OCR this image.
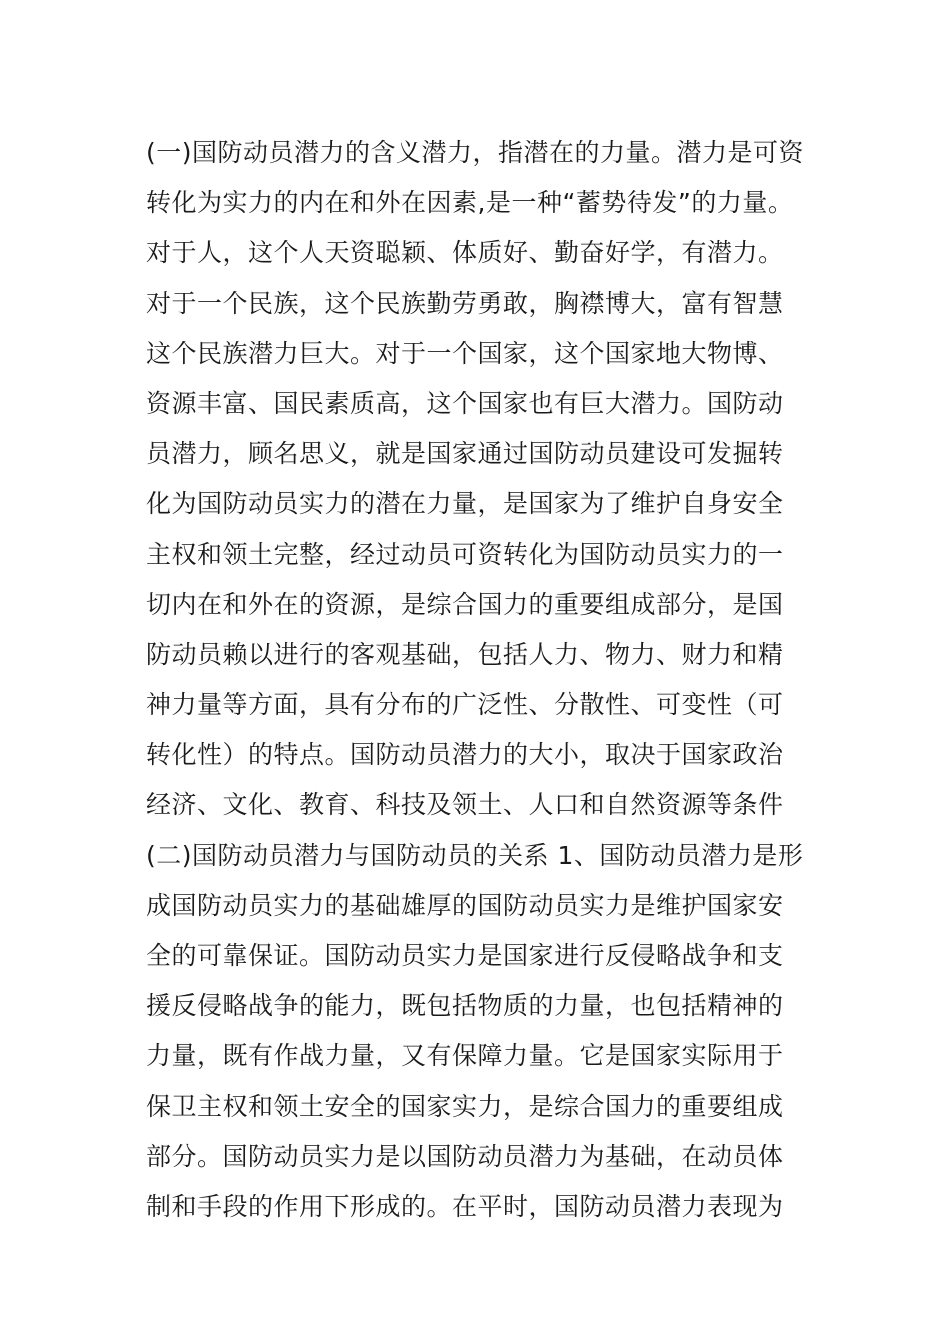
(一)国防动员潜力的含义潜力，指潜在的力量。潜力是可资
转化为实力的内在和外在因素,是一种“蓄势待发”的力量。
对于人，这个人天资聪颖、体质好、勤奋好学，有潜力。
对于一个民族，这个民族勤劳勇敢，胸襟博大，富有智慧
这个民族潜力巨大。对于一个国家，这个国家地大物博、
资源丰富、国民素质高，这个国家也有巨大潜力。国防动
员潜力，顾名思义，就是国家通过国防动员建设可发掘转
化为国防动员实力的潜在力量，是国家为了维护自身安全
主权和领土完整，经过动员可资转化为国防动员实力的一
切内在和外在的资源，是综合国力的重要组成部分，是国
防动员赖以进行的客观基础，包括人力、物力、财力和精
神力量等方面，具有分布的广泛性、分散性、可变性（可
转化性）的特点。国防动员潜力的大小，取决于国家政治
经济、文化、教育、科技及领土、人口和自然资源等条件
(二)国防动员潜力与国防动员的关系 1、国防动员潜力是形
成国防动员实力的基础雄厚的国防动员实力是维护国家安
全的可靠保证。国防动员实力是国家进行反侵略战争和支
援反侵略战争的能力，既包括物质的力量，也包括精神的
力量，既有作战力量，又有保障力量。它是国家实际用于
保卫主权和领土安全的国家实力，是综合国力的重要组成
部分。国防动员实力是以国防动员潜力为基础，在动员体
制和手段的作用下形成的。在平时，国防动员潜力表现为
